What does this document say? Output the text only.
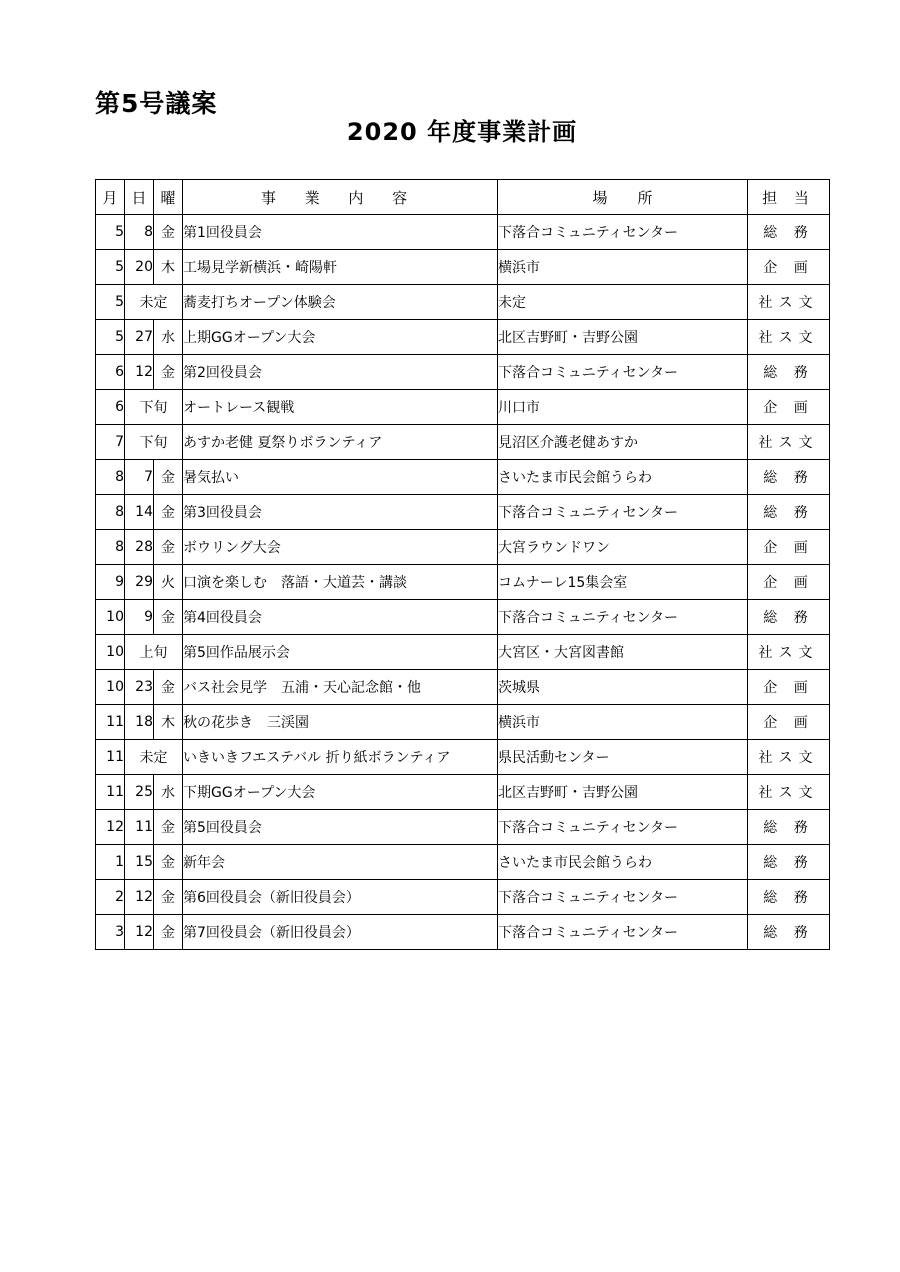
第5号議案
2020 年度事業計画
月	日	曜	事 業 内 容	場　　所	担 当
5	8	金	第1回役員会	下落合コミュニティセンター	総 務
5	20	木	工場見学新横浜・崎陽軒	横浜市	企 画
5	未定		蕎麦打ちオープン体験会	未定	社ス文
5	27	水	上期GGオープン大会	北区吉野町・吉野公園	社ス文
6	12	金	第2回役員会	下落合コミュニティセンター	総 務
6	下旬		オートレース観戦	川口市	企 画
7	下旬		あすか老健 夏祭りボランティア	見沼区介護老健あすか	社ス文
8	7	金	暑気払い	さいたま市民会館うらわ	総 務
8	14	金	第3回役員会	下落合コミュニティセンター	総 務
8	28	金	ボウリング大会	大宮ラウンドワン	企 画
9	29	火	口演を楽しむ　落語・大道芸・講談	コムナーレ15集会室	企 画
10	9	金	第4回役員会	下落合コミュニティセンター	総 務
10	上旬		第5回作品展示会	大宮区・大宮図書館	社ス文
10	23	金	バス社会見学　五浦・天心記念館・他	茨城県	企 画
11	18	木	秋の花歩き　三渓園	横浜市	企 画
11	未定		いきいきフエステバル 折り紙ボランティア	県民活動センター	社ス文
11	25	水	下期GGオープン大会	北区吉野町・吉野公園	社ス文
12	11	金	第5回役員会	下落合コミュニティセンター	総 務
1	15	金	新年会	さいたま市民会館うらわ	総 務
2	12	金	第6回役員会（新旧役員会）	下落合コミュニティセンター	総 務
3	12	金	第7回役員会（新旧役員会）	下落合コミュニティセンター	総 務
